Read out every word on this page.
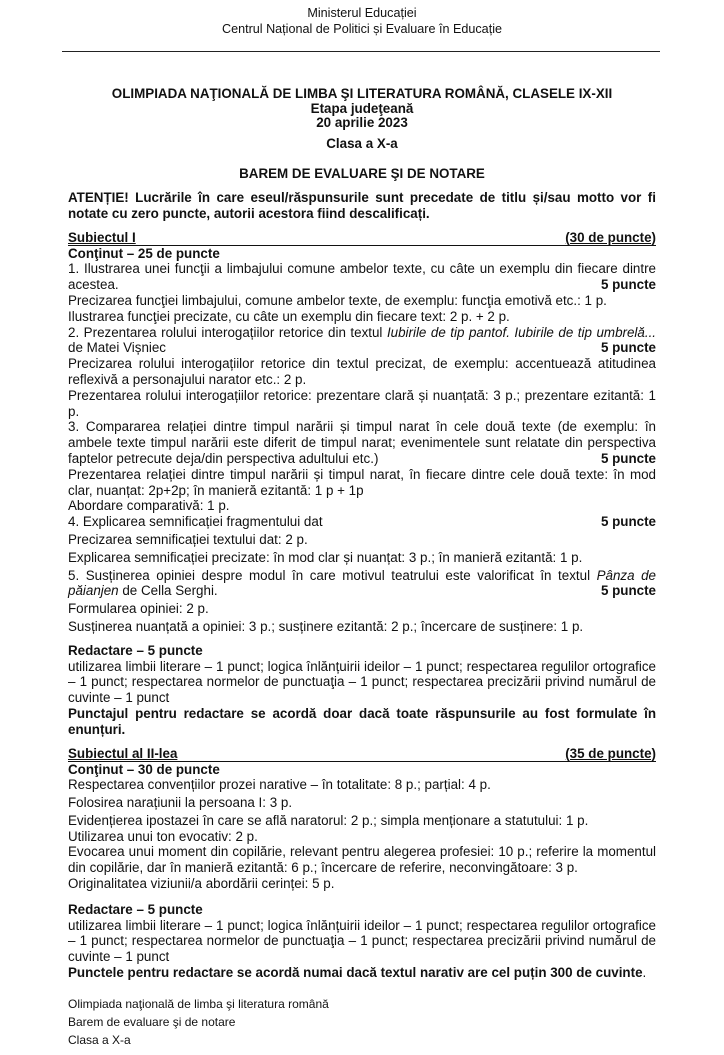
Ministerul Educației
Centrul Național de Politici și Evaluare în Educație
OLIMPIADA NAŢIONALĂ DE LIMBA ŞI LITERATURA ROMÂNĂ, CLASELE IX-XII
Etapa judeţeană
20 aprilie 2023
Clasa a X-a
BAREM DE EVALUARE ŞI DE NOTARE
ATENȚIE! Lucrările în care eseul/răspunsurile sunt precedate de titlu și/sau motto vor fi notate cu zero puncte, autorii acestora fiind descalificați.
Subiectul I	(30 de puncte)
Conţinut – 25 de puncte
1. Ilustrarea unei funcţii a limbajului comune ambelor texte, cu câte un exemplu din fiecare dintre acestea.	5 puncte
Precizarea funcţiei limbajului, comune ambelor texte, de exemplu: funcţia emotivă etc.: 1 p.
Ilustrarea funcţiei precizate, cu câte un exemplu din fiecare text: 2 p. + 2 p.
2. Prezentarea rolului interogațiilor retorice din textul Iubirile de tip pantof. Iubirile de tip umbrelă... de Matei Vișniec	5 puncte
Precizarea rolului interogațiilor retorice din textul precizat, de exemplu: accentuează atitudinea reflexivă a personajului narator etc.: 2 p.
Prezentarea rolului interogațiilor retorice: prezentare clară și nuanțată: 3 p.; prezentare ezitantă: 1 p.
3. Compararea relației dintre timpul narării și timpul narat în cele două texte (de exemplu: în ambele texte timpul narării este diferit de timpul narat; evenimentele sunt relatate din perspectiva faptelor petrecute deja/din perspectiva adultului etc.)	5 puncte
Prezentarea relației dintre timpul narării și timpul narat, în fiecare dintre cele două texte: în mod clar, nuanțat: 2p+2p; în manieră ezitantă: 1 p + 1p
Abordare comparativă: 1 p.
4. Explicarea semnificației fragmentului dat	5 puncte
Precizarea semnificației textului dat: 2 p.
Explicarea semnificației precizate: în mod clar și nuanțat: 3 p.; în manieră ezitantă: 1 p.
5. Susținerea opiniei despre modul în care motivul teatrului este valorificat în textul Pânza de păianjen de Cella Serghi.	5 puncte
Formularea opiniei: 2 p.
Susținerea nuanțată a opiniei: 3 p.; susținere ezitantă: 2 p.; încercare de susținere: 1 p.
Redactare – 5 puncte
utilizarea limbii literare – 1 punct; logica înlănțuirii ideilor – 1 punct; respectarea regulilor ortografice – 1 punct; respectarea normelor de punctuaţia – 1 punct; respectarea precizării privind numărul de cuvinte – 1 punct
Punctajul pentru redactare se acordă doar dacă toate răspunsurile au fost formulate în enunțuri.
Subiectul al II-lea	(35 de puncte)
Conţinut – 30 de puncte
Respectarea convențiilor prozei narative – în totalitate: 8 p.; parțial: 4 p.
Folosirea narațiunii la persoana I: 3 p.
Evidențierea ipostazei în care se află naratorul: 2 p.; simpla menționare a statutului: 1 p.
Utilizarea unui ton evocativ: 2 p.
Evocarea unui moment din copilărie, relevant pentru alegerea profesiei: 10 p.; referire la momentul din copilărie, dar în manieră ezitantă: 6 p.; încercare de referire, neconvingătoare: 3 p.
Originalitatea viziunii/a abordării cerinței: 5 p.
Redactare – 5 puncte
utilizarea limbii literare – 1 punct; logica înlănțuirii ideilor – 1 punct; respectarea regulilor ortografice – 1 punct; respectarea normelor de punctuaţia – 1 punct; respectarea precizării privind numărul de cuvinte – 1 punct
Punctele pentru redactare se acordă numai dacă textul narativ are cel puțin 300 de cuvinte.
Olimpiada naţională de limba şi literatura română
Barem de evaluare şi de notare
Clasa a X-a
